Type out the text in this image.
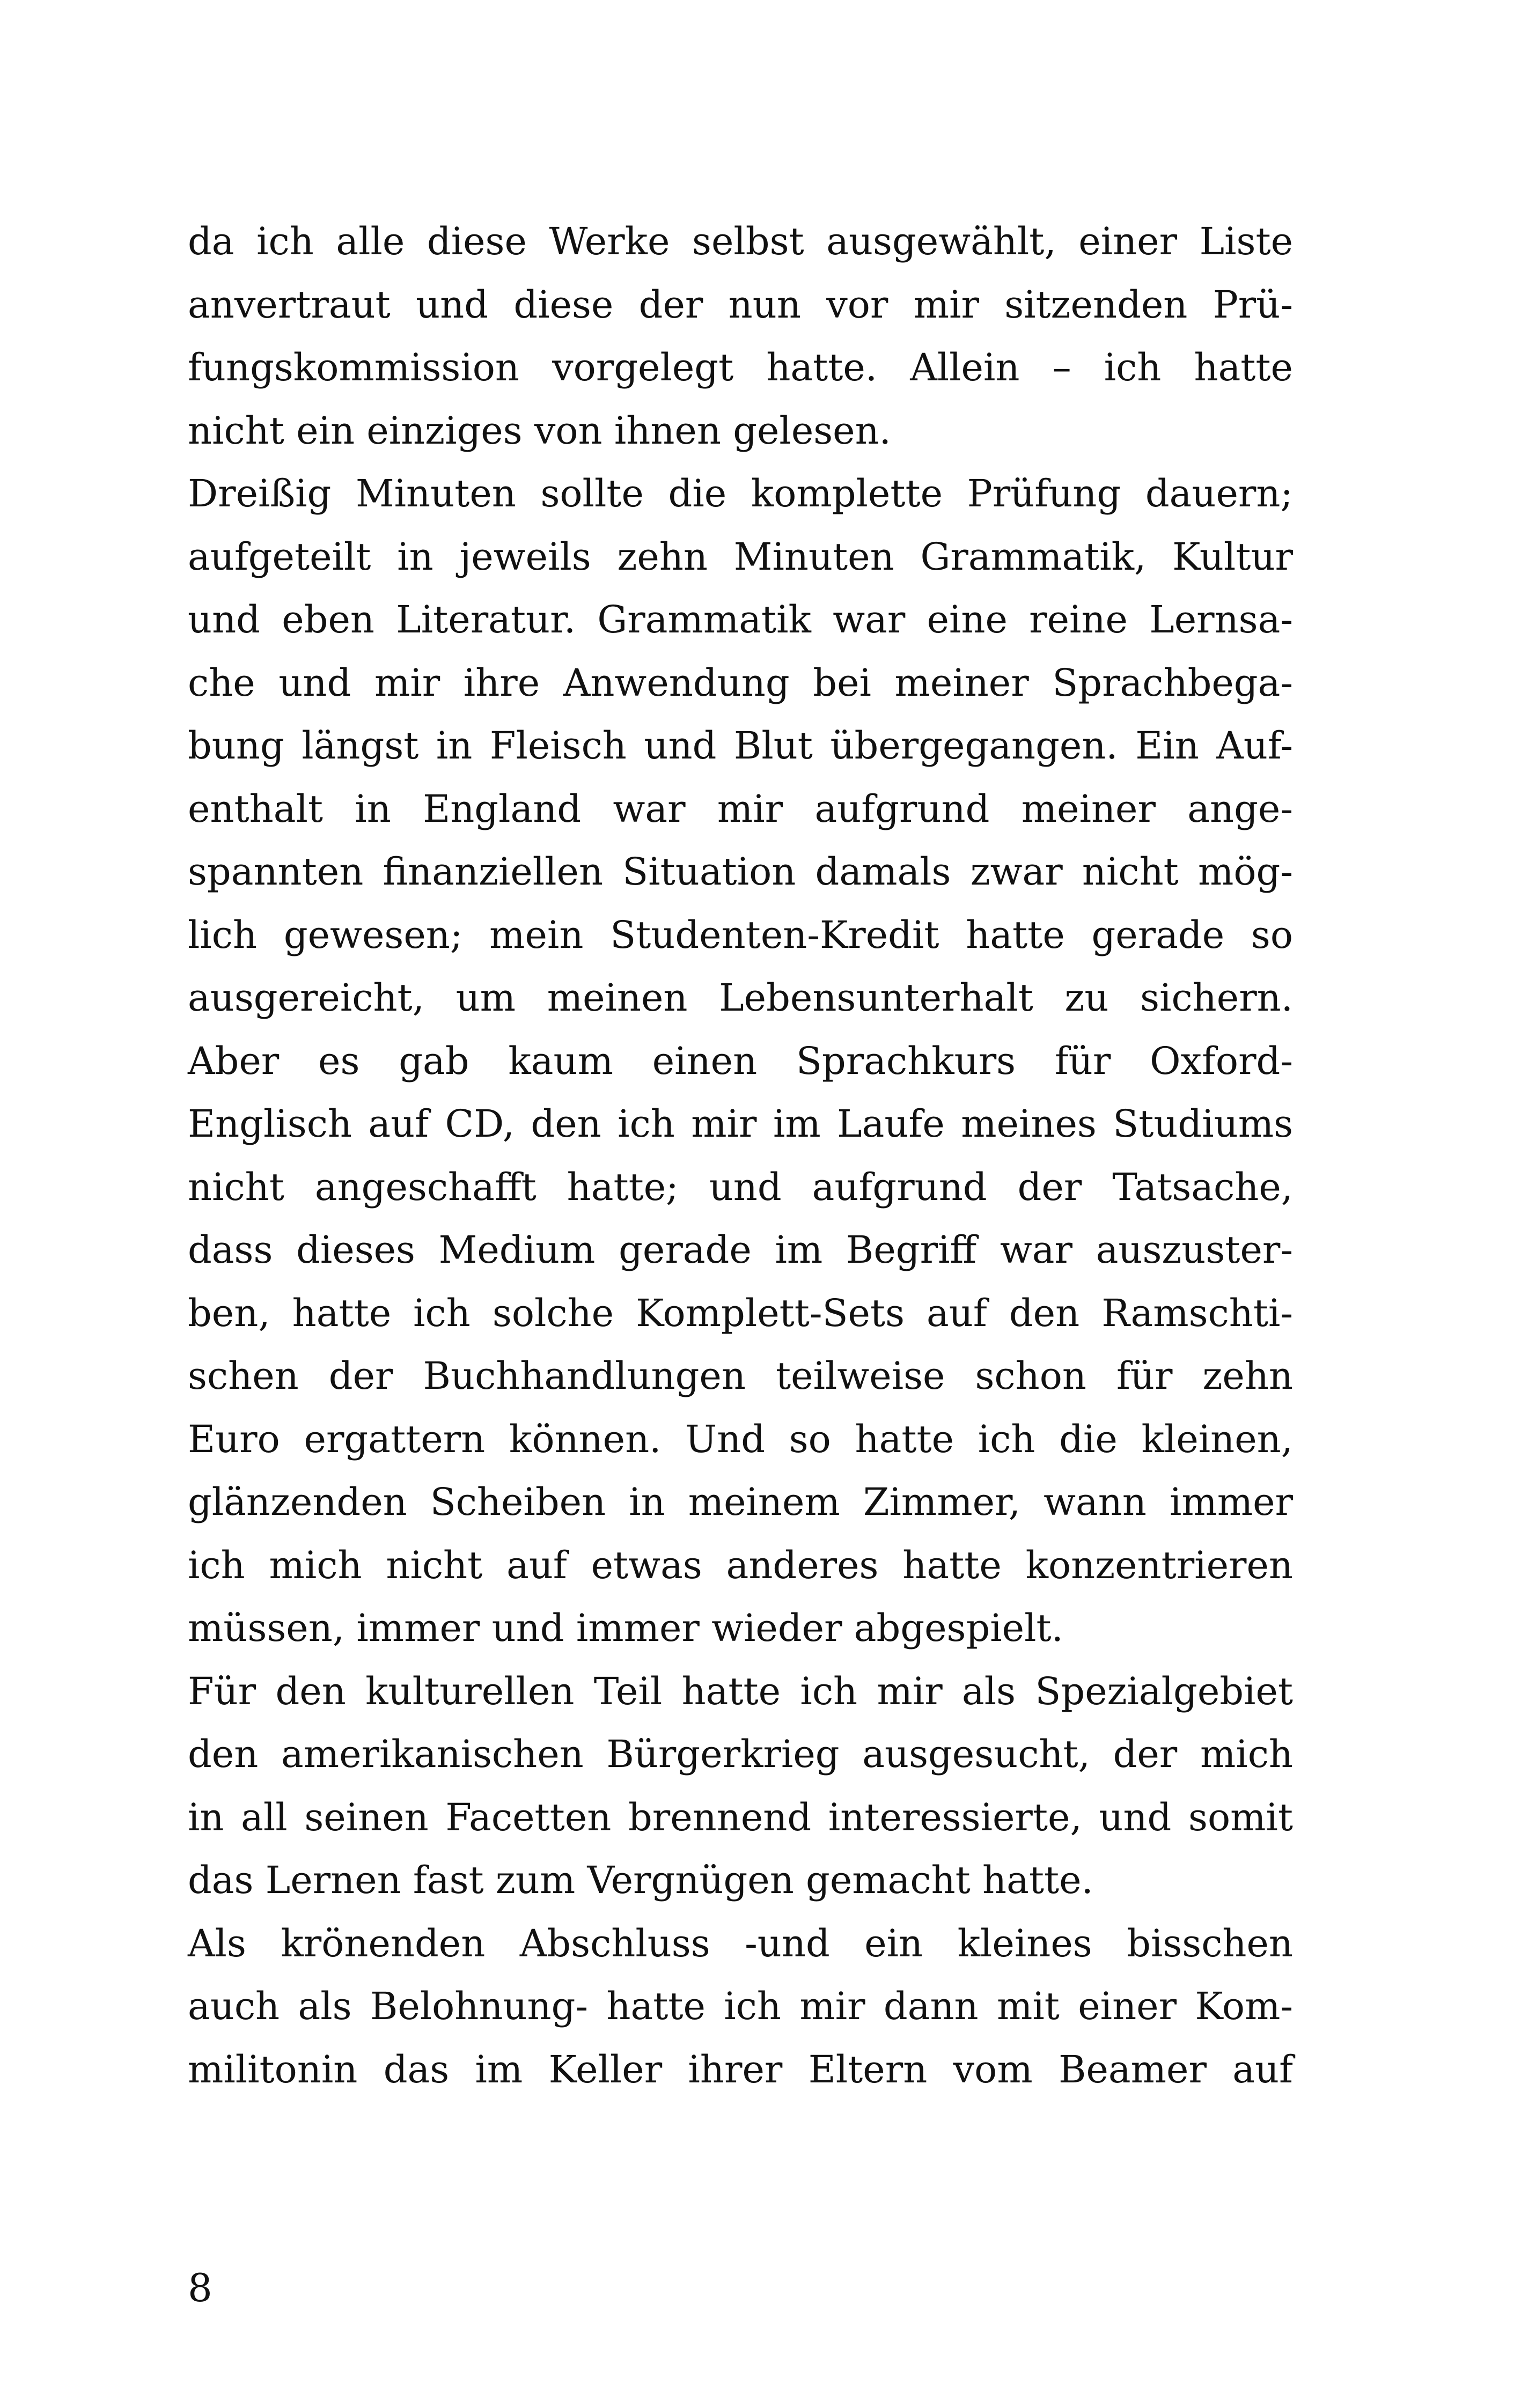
da ich alle diese Werke selbst ausgewählt, einer Liste
anvertraut und diese der nun vor mir sitzenden Prü-
fungskommission vorgelegt hatte. Allein – ich hatte
nicht ein einziges von ihnen gelesen.
Dreißig Minuten sollte die komplette Prüfung dauern;
aufgeteilt in jeweils zehn Minuten Grammatik, Kultur
und eben Literatur. Grammatik war eine reine Lernsa-
che und mir ihre Anwendung bei meiner Sprachbega-
bung längst in Fleisch und Blut übergegangen. Ein Auf-
enthalt in England war mir aufgrund meiner ange-
spannten finanziellen Situation damals zwar nicht mög-
lich gewesen; mein Studenten-Kredit hatte gerade so
ausgereicht, um meinen Lebensunterhalt zu sichern.
Aber es gab kaum einen Sprachkurs für Oxford-
Englisch auf CD, den ich mir im Laufe meines Studiums
nicht angeschafft hatte; und aufgrund der Tatsache,
dass dieses Medium gerade im Begriff war auszuster-
ben, hatte ich solche Komplett-Sets auf den Ramschti-
schen der Buchhandlungen teilweise schon für zehn
Euro ergattern können. Und so hatte ich die kleinen,
glänzenden Scheiben in meinem Zimmer, wann immer
ich mich nicht auf etwas anderes hatte konzentrieren
müssen, immer und immer wieder abgespielt.
Für den kulturellen Teil hatte ich mir als Spezialgebiet
den amerikanischen Bürgerkrieg ausgesucht, der mich
in all seinen Facetten brennend interessierte, und somit
das Lernen fast zum Vergnügen gemacht hatte.
Als krönenden Abschluss -und ein kleines bisschen
auch als Belohnung- hatte ich mir dann mit einer Kom-
militonin das im Keller ihrer Eltern vom Beamer auf
8
